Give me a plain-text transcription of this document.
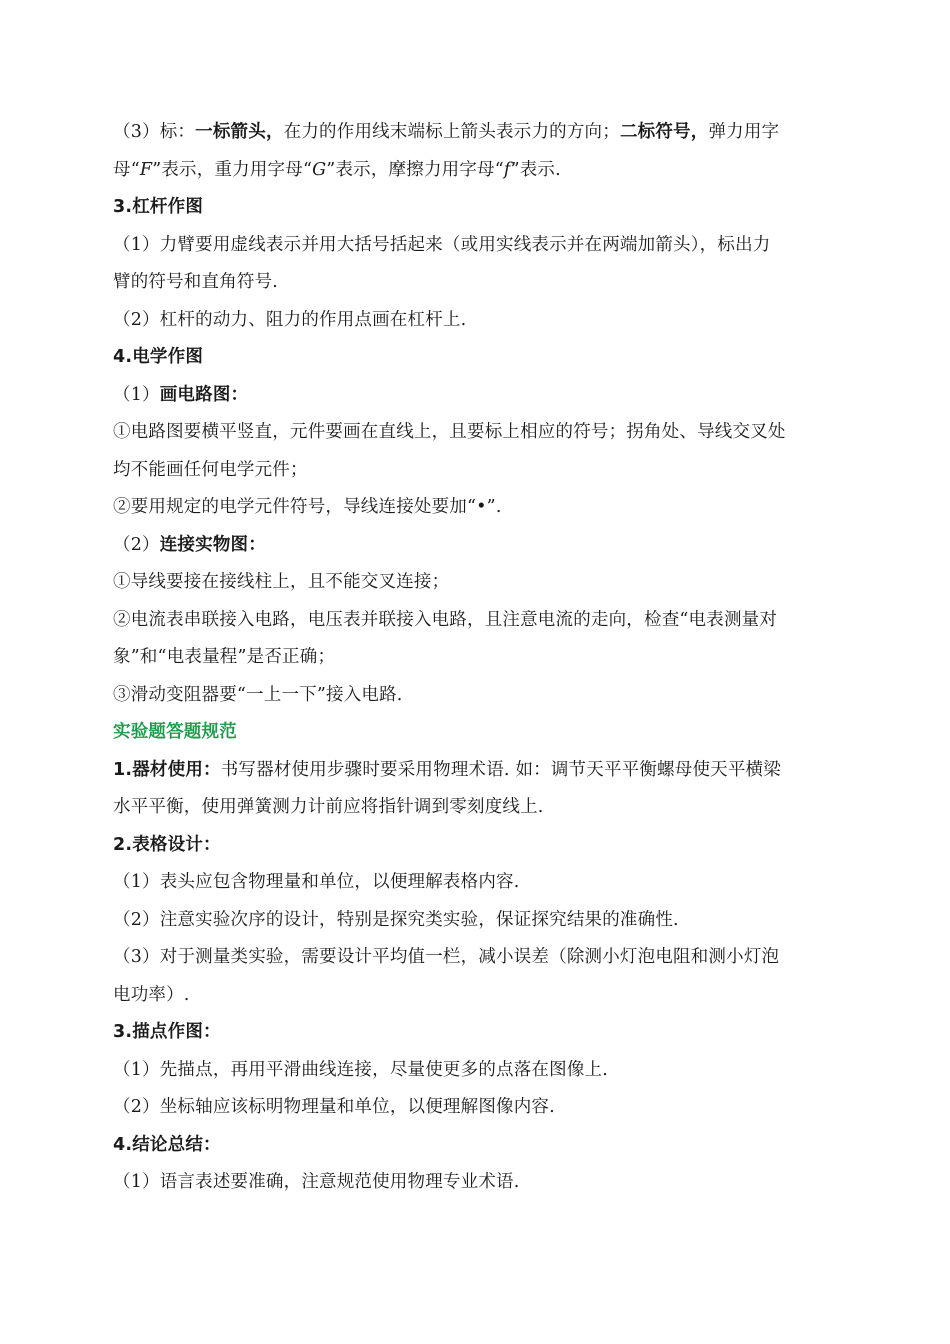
（3）标：一标箭头，在力的作用线末端标上箭头表示力的方向；二标符号，弹力用字
母“F”表示，重力用字母“G”表示，摩擦力用字母“f”表示.
3.杠杆作图
（1）力臂要用虚线表示并用大括号括起来（或用实线表示并在两端加箭头），标出力
臂的符号和直角符号.
（2）杠杆的动力、阻力的作用点画在杠杆上.
4.电学作图
（1）画电路图：
①电路图要横平竖直，元件要画在直线上，且要标上相应的符号；拐角处、导线交叉处
均不能画任何电学元件；
②要用规定的电学元件符号，导线连接处要加“•”.
（2）连接实物图：
①导线要接在接线柱上，且不能交叉连接；
②电流表串联接入电路，电压表并联接入电路，且注意电流的走向，检查“电表测量对
象”和“电表量程”是否正确；
③滑动变阻器要“一上一下”接入电路.
实验题答题规范
1.器材使用：书写器材使用步骤时要采用物理术语. 如：调节天平平衡螺母使天平横梁
水平平衡，使用弹簧测力计前应将指针调到零刻度线上.
2.表格设计：
（1）表头应包含物理量和单位，以便理解表格内容.
（2）注意实验次序的设计，特别是探究类实验，保证探究结果的准确性.
（3）对于测量类实验，需要设计平均值一栏，减小误差（除测小灯泡电阻和测小灯泡
电功率）.
3.描点作图：
（1）先描点，再用平滑曲线连接，尽量使更多的点落在图像上.
（2）坐标轴应该标明物理量和单位，以便理解图像内容.
4.结论总结：
（1）语言表述要准确，注意规范使用物理专业术语.
